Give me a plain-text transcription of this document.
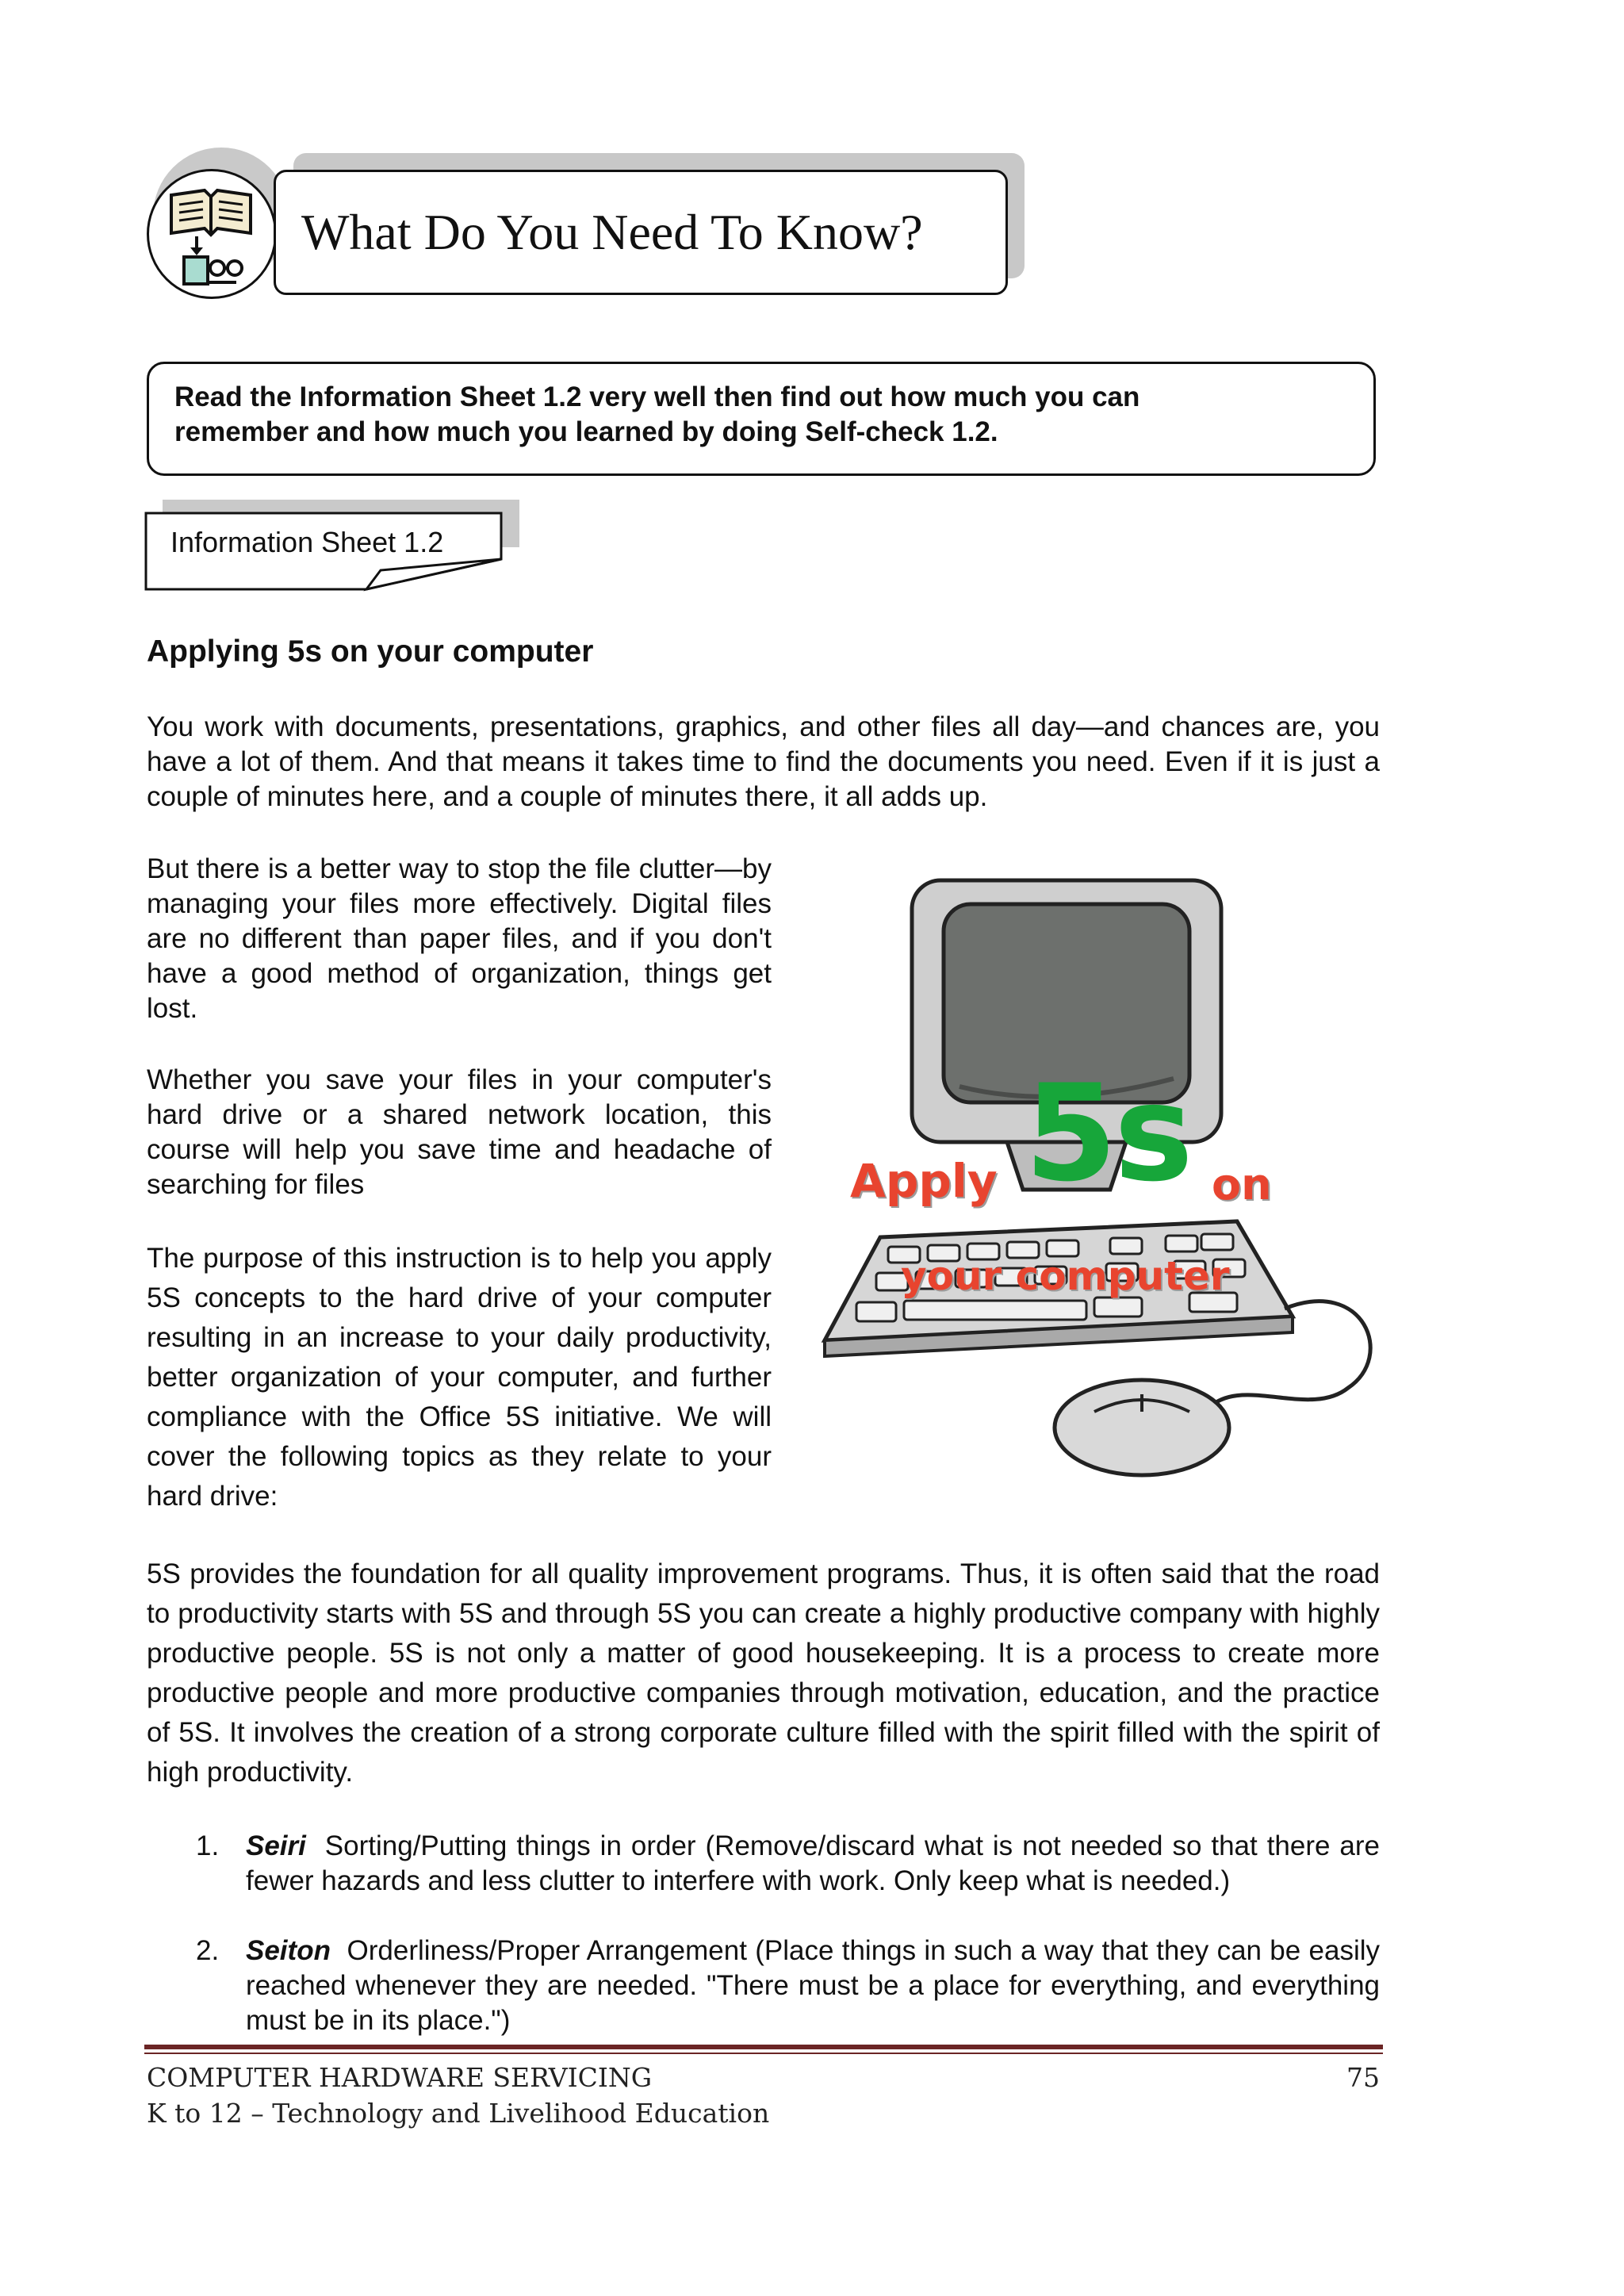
What Do You Need To Know?
Read the Information Sheet 1.2 very well then find out how much you can
remember and how much you learned by doing Self-check 1.2.
Information Sheet 1.2
Applying 5s on your computer
You work with documents, presentations, graphics, and other files all day—and chances are, you have a lot of them. And that means it takes time to find the documents you need. Even if it is just a couple of minutes here, and a couple of minutes there, it all adds up.
But there is a better way to stop the file clutter—by managing your files more effectively. Digital files are no different than paper files, and if you don't have a good method of organization, things get lost.
Whether you save your files in your computer's hard drive or a shared network location, this course will help you save time and headache of searching for files
The purpose of this instruction is to help you apply 5S concepts to the hard drive of your computer resulting in an increase to your daily productivity, better organization of your computer, and further compliance with the Office 5S initiative. We will cover the following topics as they relate to your hard drive:
5s
Apply	on
your computer
5S provides the foundation for all quality improvement programs. Thus, it is often said that the road to productivity starts with 5S and through 5S you can create a highly productive company with highly productive people. 5S is not only a matter of good housekeeping. It is a process to create more productive people and more productive companies through motivation, education, and the practice of 5S. It involves the creation of a strong corporate culture filled with the spirit filled with the spirit of high productivity.
1. Seiri Sorting/Putting things in order (Remove/discard what is not needed so that there are fewer hazards and less clutter to interfere with work. Only keep what is needed.)
2. Seiton Orderliness/Proper Arrangement (Place things in such a way that they can be easily reached whenever they are needed. "There must be a place for everything, and everything must be in its place.")
COMPUTER HARDWARE SERVICING
K to 12 – Technology and Livelihood Education
75
